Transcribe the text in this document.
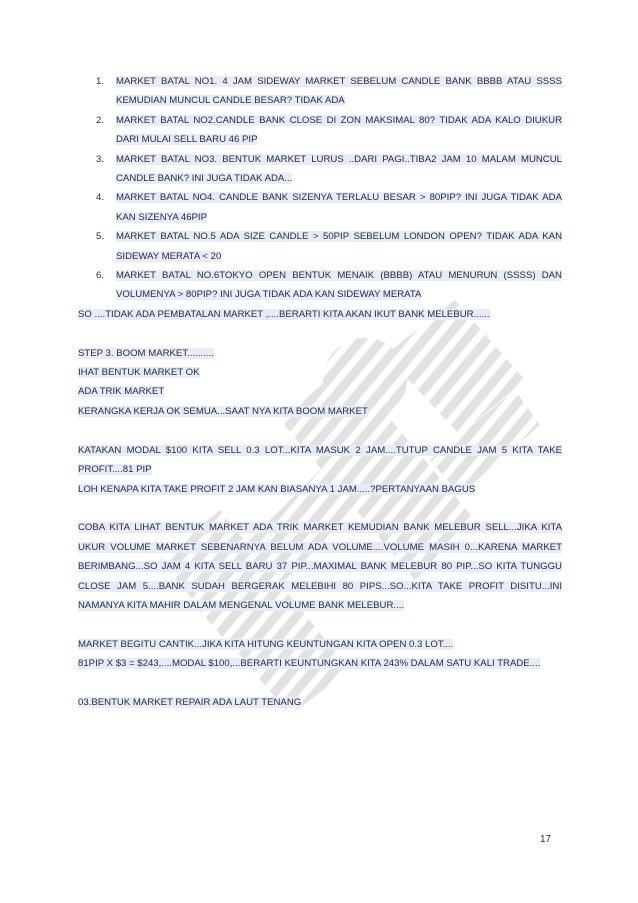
1. MARKET BATAL NO1. 4 JAM SIDEWAY MARKET SEBELUM CANDLE BANK BBBB ATAU SSSS KEMUDIAN MUNCUL CANDLE BESAR? TIDAK ADA
2. MARKET BATAL NO2.CANDLE BANK CLOSE DI ZON MAKSIMAL 80? TIDAK ADA KALO DIUKUR DARI MULAI SELL BARU 46 PIP
3. MARKET BATAL NO3. BENTUK MARKET LURUS ..DARI PAGI..TIBA2 JAM 10 MALAM MUNCUL CANDLE BANK? INI JUGA TIDAK ADA...
4. MARKET BATAL NO4. CANDLE BANK SIZENYA TERLALU BESAR > 80PIP? INI JUGA TIDAK ADA KAN SIZENYA 46PIP
5. MARKET BATAL NO.5 ADA SIZE CANDLE > 50PIP SEBELUM LONDON OPEN? TIDAK ADA KAN SIDEWAY MERATA < 20
6. MARKET BATAL NO.6TOKYO OPEN BENTUK MENAIK (BBBB) ATAU MENURUN (SSSS) DAN VOLUMENYA > 80PIP? INI JUGA TIDAK ADA KAN SIDEWAY MERATA

SO ....TIDAK ADA PEMBATALAN MARKET ,....BERARTI KITA AKAN IKUT BANK MELEBUR......

STEP 3. BOOM MARKET..........

IHAT BENTUK MARKET OK

ADA TRIK MARKET

KERANGKA KERJA OK SEMUA...SAAT NYA KITA BOOM MARKET

KATAKAN MODAL $100 KITA SELL 0.3 LOT...KITA MASUK 2 JAM....TUTUP CANDLE JAM 5 KITA TAKE PROFIT....81 PIP

LOH KENAPA KITA TAKE PROFIT 2 JAM KAN BIASANYA 1 JAM.....?PERTANYAAN BAGUS

COBA KITA LIHAT BENTUK MARKET ADA TRIK MARKET KEMUDIAN BANK MELEBUR SELL...JIKA KITA UKUR VOLUME MARKET SEBENARNYA BELUM ADA VOLUME....VOLUME MASIH 0...KARENA MARKET BERIMBANG...SO JAM 4 KITA SELL BARU 37 PIP...MAXIMAL BANK MELEBUR 80 PIP...SO KITA TUNGGU CLOSE JAM 5....BANK SUDAH BERGERAK MELEBIHI 80 PIPS...SO...KITA TAKE PROFIT DISITU...INI NAMANYA KITA MAHIR DALAM MENGENAL VOLUME BANK MELEBUR....

MARKET BEGITU CANTIK...JIKA KITA HITUNG KEUNTUNGAN KITA OPEN 0.3 LOT....

81PIP X $3 = $243,....MODAL $100,...BERARTI KEUNTUNGKAN KITA 243% DALAM SATU KALI TRADE....

03.BENTUK MARKET REPAIR ADA LAUT TENANG

17
